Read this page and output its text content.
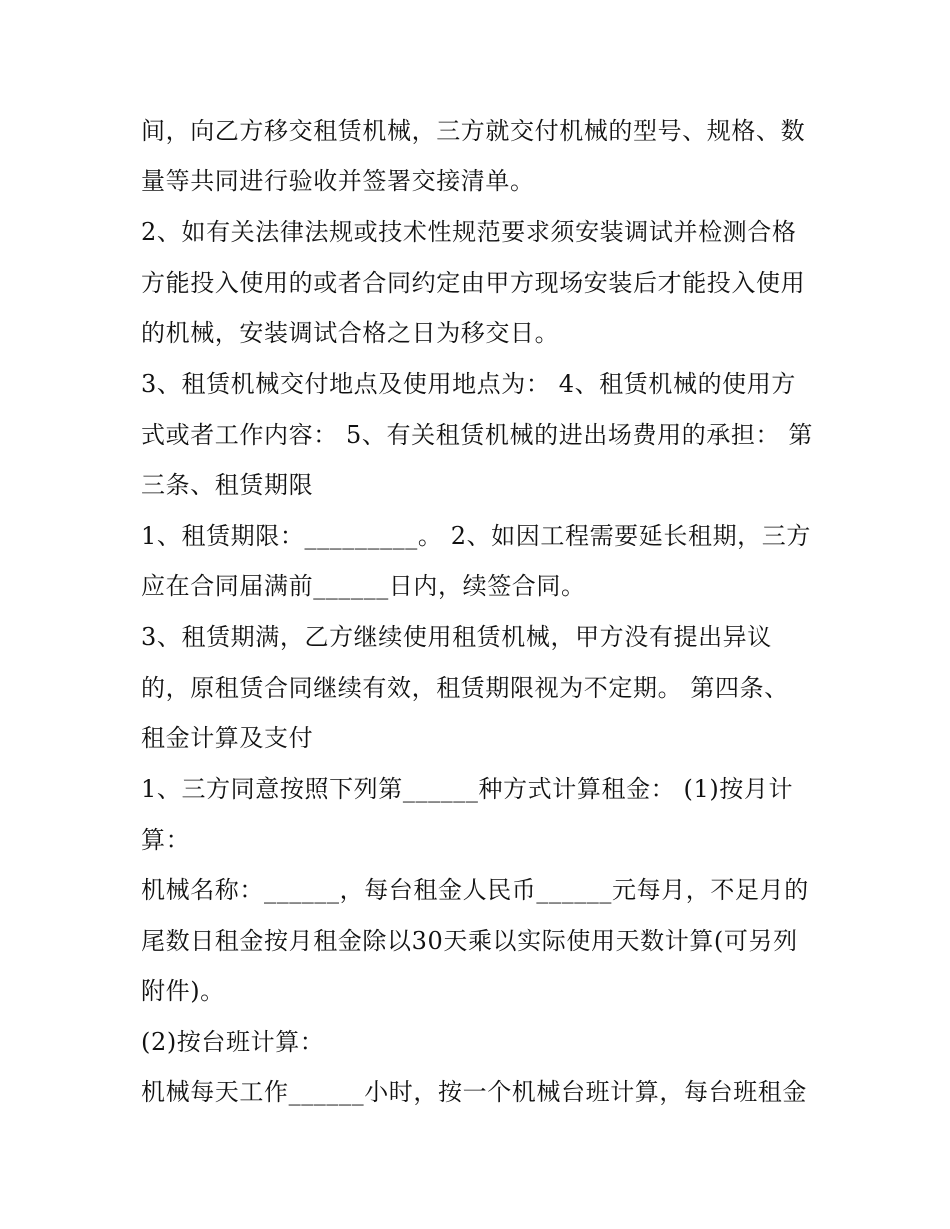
间，向乙方移交租赁机械，三方就交付机械的型号、规格、数

量等共同进行验收并签署交接清单。

2、如有关法律法规或技术性规范要求须安装调试并检测合格

方能投入使用的或者合同约定由甲方现场安装后才能投入使用

的机械，安装调试合格之日为移交日。

3、租赁机械交付地点及使用地点为： 4、租赁机械的使用方

式或者工作内容： 5、有关租赁机械的进出场费用的承担： 第

三条、租赁期限

1、租赁期限：_________。 2、如因工程需要延长租期，三方

应在合同届满前______日内，续签合同。

3、租赁期满，乙方继续使用租赁机械，甲方没有提出异议

的，原租赁合同继续有效，租赁期限视为不定期。 第四条、

租金计算及支付

1、三方同意按照下列第______种方式计算租金： (1)按月计

算：

机械名称：______，每台租金人民币______元每月，不足月的

尾数日租金按月租金除以30天乘以实际使用天数计算(可另列

附件)。

(2)按台班计算：

机械每天工作______小时，按一个机械台班计算，每台班租金
